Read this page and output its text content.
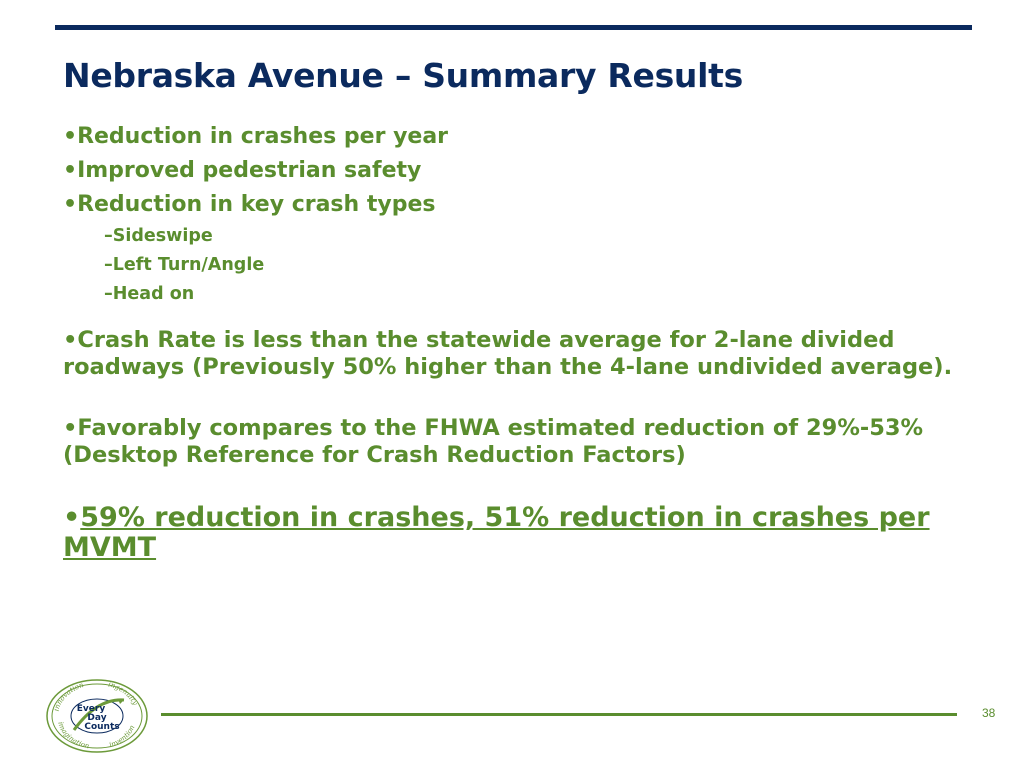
Nebraska Avenue – Summary Results
•Reduction in crashes per year
•Improved pedestrian safety
•Reduction in key crash types
–Sideswipe
–Left Turn/Angle
–Head on
•Crash Rate is less than the statewide average for 2-lane divided roadways (Previously 50% higher than the 4-lane undivided average).
•Favorably compares to the FHWA estimated reduction of 29%-53% (Desktop Reference for Crash Reduction Factors)
•59% reduction in crashes, 51% reduction in crashes per MVMT
innovation	ingenuity
imagination	invention
Every
Day
Counts
38
